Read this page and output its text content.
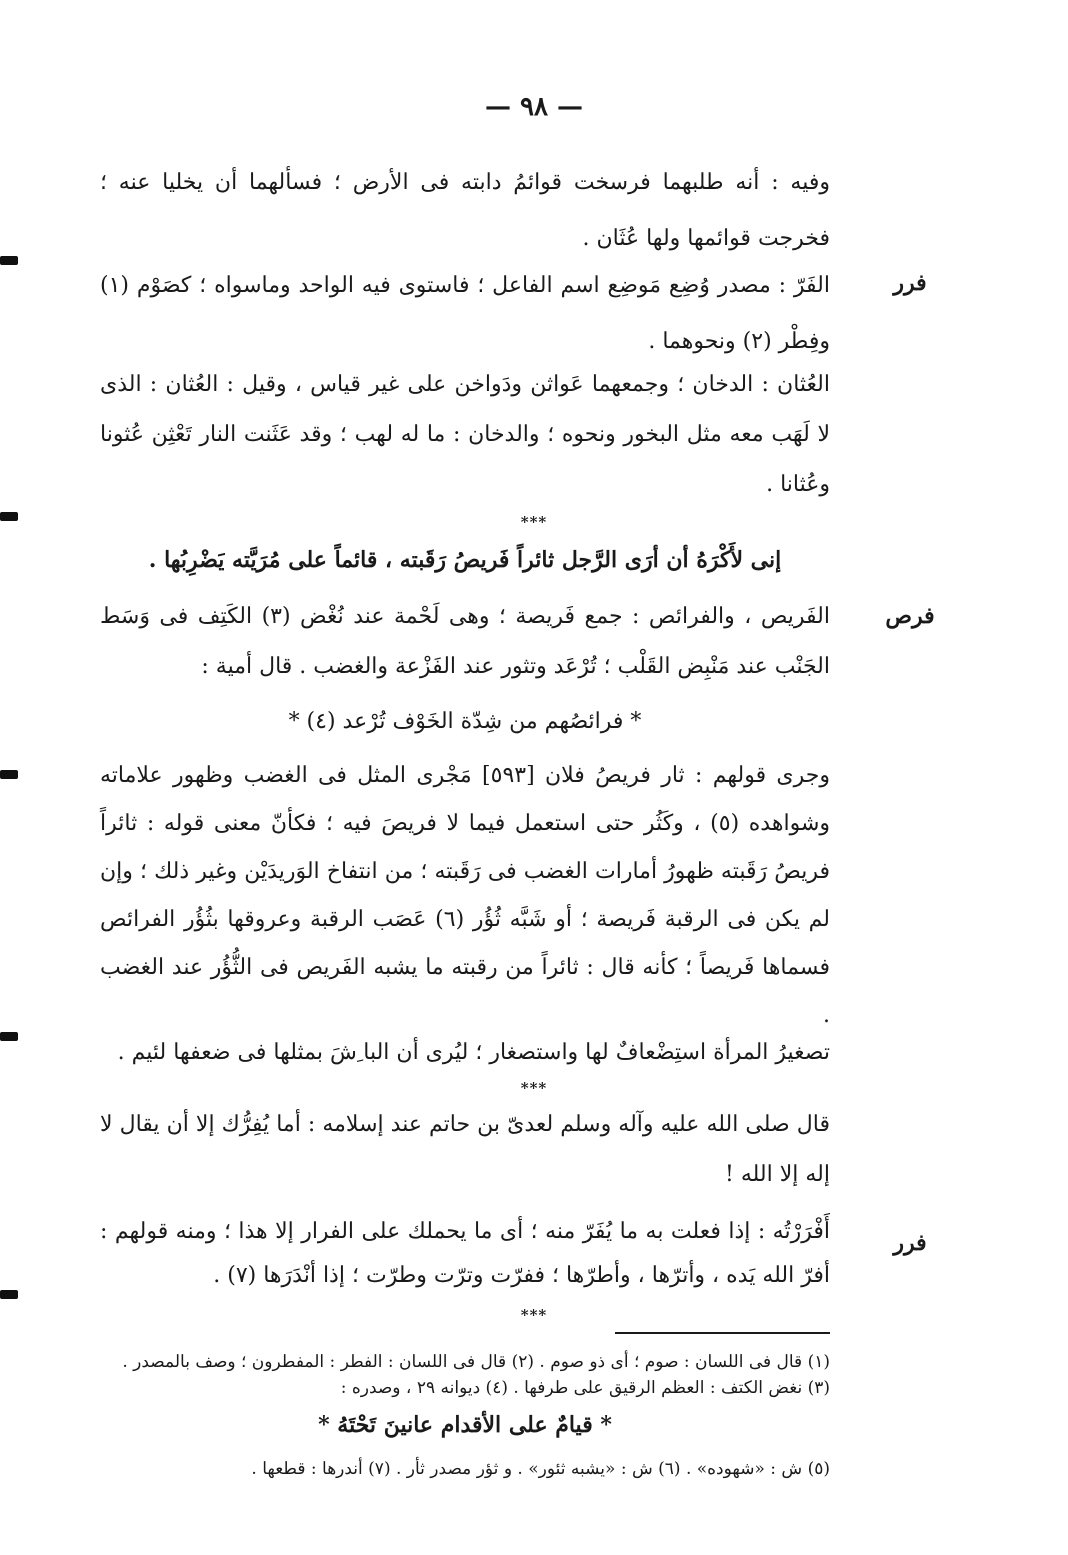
— ٩٨ —
وفيه : أنه طلبهما فرسخت قوائمُ دابته فى الأرض ؛ فسألهما أن يخليا عنه ؛ فخرجت قوائمها ولها عُثَان .
فرر
الفَرّ : مصدر وُضِع مَوضِع اسم الفاعل ؛ فاستوى فيه الواحد وماسواه ؛ كصَوْم (١) وفِطْر (٢) ونحوهما .
العُثان : الدخان ؛ وجمعهما عَواثن ودَواخن على غير قياس ، وقيل : العُثان : الذى لا لَهَب معه مثل البخور ونحوه ؛ والدخان : ما له لهب ؛ وقد عَثَنت النار تَعْثِن عُثونا وعُثانا .
***
إنى لأَكْرَهُ أن أرَى الرَّجل ثائراً فَريصُ رَقَبته ، قائماً على مُرَيَّته يَضْرِبُها .
فرص
الفَريص ، والفرائص : جمع فَريصة ؛ وهى لَحْمة عند نُغْض (٣) الكَتِف فى وَسَط الجَنْب عند مَنْبِض القَلْب ؛ تُرْعَد وتثور عند الفَزْعة والغضب . قال أمية :
* فرائصُهم من شِدّة الخَوْف تُرْعد (٤) *
وجرى قولهم : ثار فريصُ فلان [٥٩٣] مَجْرى المثل فى الغضب وظهور علاماته وشواهده (٥) ، وكَثُر حتى استعمل فيما لا فريصَ فيه ؛ فكأنّ معنى قوله : ثائراً فريصُ رَقَبته ظهورُ أمارات الغضب فى رَقَبته ؛ من انتفاخ الوَريدَيْن وغير ذلك ؛ وإن لم يكن فى الرقبة فَريصة ؛ أو شَبَّه ثُؤُر (٦) عَصَب الرقبة وعروقها بثُؤُر الفرائص فسماها فَريصاً ؛ كأنه قال : ثائراً من رقبته ما يشبه الفَريص فى الثُّؤُر عند الغضب .
تصغيرُ المرأة استِضْعافٌ لها واستصغار ؛ ليُرى أن البا ِشَ بمثلها فى ضعفها لئيم .
***
قال صلى الله عليه وآله وسلم لعدىّ بن حاتم عند إسلامه : أما يُفِرُّك إلا أن يقال لا إله إلا الله !
فرر
أَفْرَرْتُه : إذا فعلت به ما يُفَرّ منه ؛ أى ما يحملك على الفرار إلا هذا ؛ ومنه قولهم : أفرّ الله يَده ، وأترّها ، وأطرّها ؛ ففرّت وترّت وطرّت ؛ إذا أنْدَرَها (٧) .
***
(١) قال فى اللسان : صوم ؛ أى ذو صوم . (٢) قال فى اللسان : الفطر : المفطرون ؛ وصف بالمصدر .
(٣) نغض الكتف : العظم الرقيق على طرفها . (٤) ديوانه ٢٩ ، وصدره :
* قيامٌ على الأقدام عانينَ تَحْتَهُ *
(٥) ش : «شهوده» . (٦) ش : «يشبه ثئور» . و ثؤر مصدر ثأر . (٧) أندرها : قطعها .
